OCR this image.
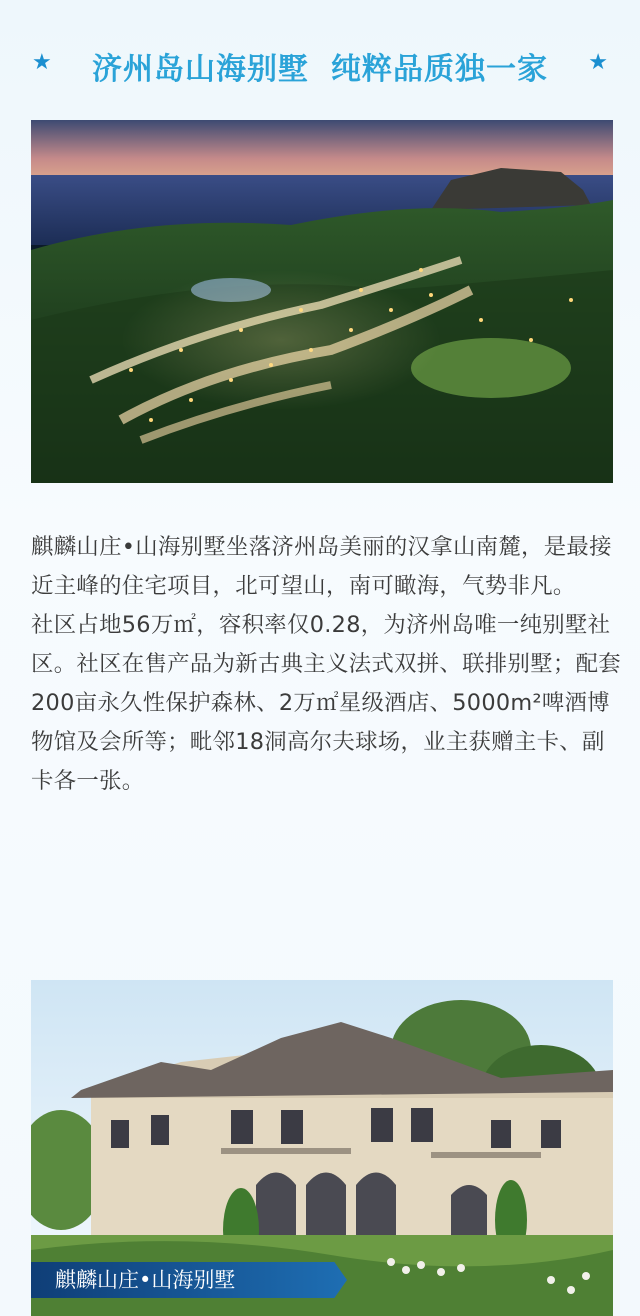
★	济州岛山海别墅 纯粹品质独一家	★

麒麟山庄•山海别墅坐落济州岛美丽的汉拿山南麓，是最接近主峰的住宅项目，北可望山，南可瞰海，气势非凡。

社区占地56万㎡，容积率仅0.28，为济州岛唯一纯别墅社区。社区在售产品为新古典主义法式双拼、联排别墅；配套200亩永久性保护森林、2万㎡星级酒店、5000m²啤酒博物馆及会所等；毗邻18洞高尔夫球场，业主获赠主卡、副卡各一张。

麒麟山庄•山海别墅
